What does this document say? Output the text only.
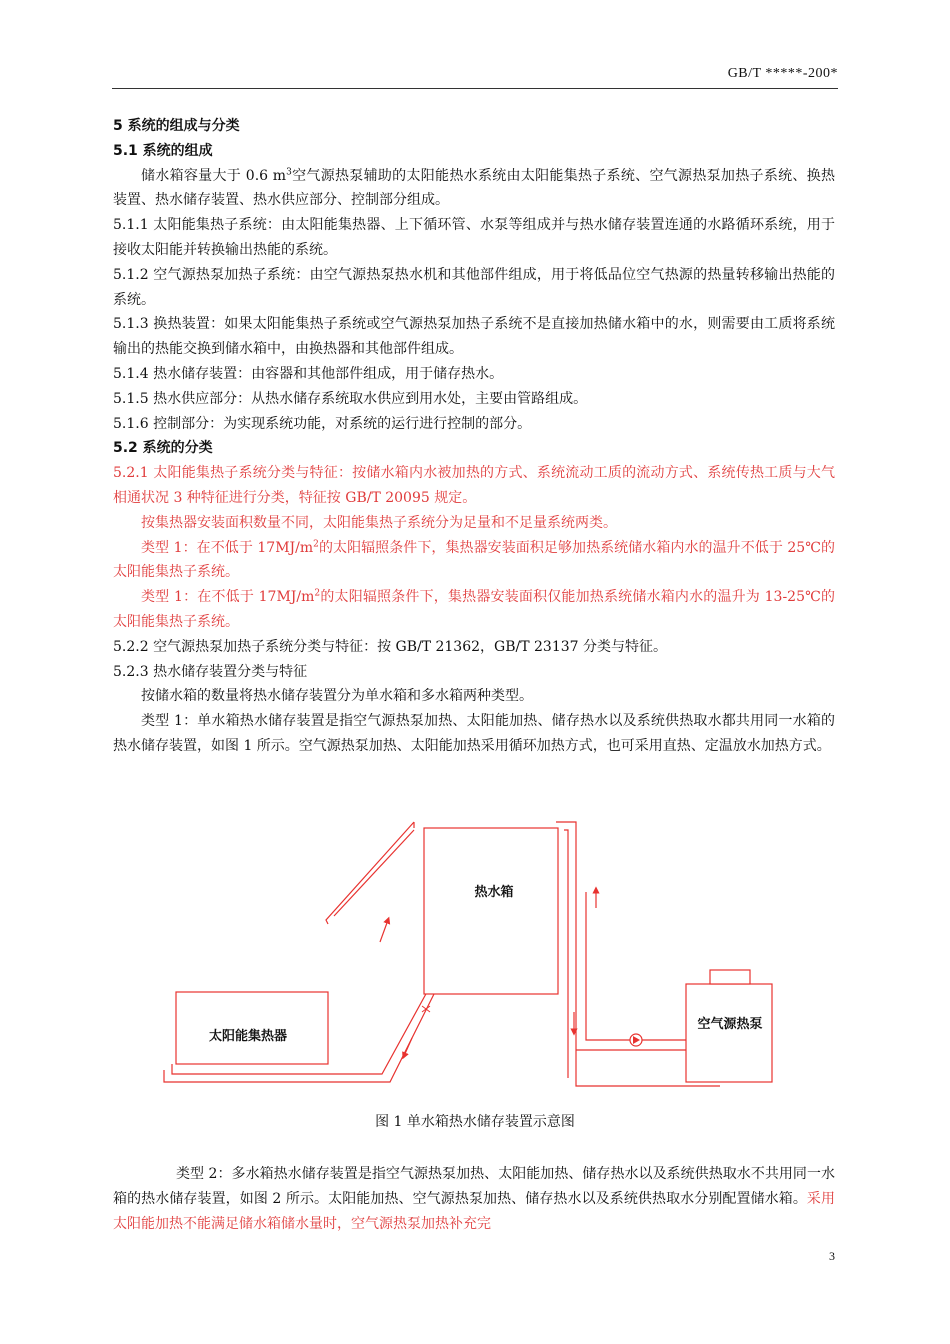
GB/T *****-200*

5 系统的组成与分类

5.1 系统的组成

储水箱容量大于 0.6 $m^3$空气源热泵辅助的太阳能热水系统由太阳能集热子系统、空气源热泵加热子系统、换热装置、热水储存装置、热水供应部分、控制部分组成。

5.1.1 太阳能集热子系统：由太阳能集热器、上下循环管、水泵等组成并与热水储存装置连通的水路循环系统，用于接收太阳能并转换输出热能的系统。

5.1.2 空气源热泵加热子系统：由空气源热泵热水机和其他部件组成，用于将低品位空气热源的热量转移输出热能的系统。

5.1.3 换热装置：如果太阳能集热子系统或空气源热泵加热子系统不是直接加热储水箱中的水，则需要由工质将系统输出的热能交换到储水箱中，由换热器和其他部件组成。

5.1.4 热水储存装置：由容器和其他部件组成，用于储存热水。

5.1.5 热水供应部分：从热水储存系统取水供应到用水处，主要由管路组成。

5.1.6 控制部分：为实现系统功能，对系统的运行进行控制的部分。

5.2 系统的分类

5.2.1 太阳能集热子系统分类与特征：按储水箱内水被加热的方式、系统流动工质的流动方式、系统传热工质与大气相通状况 3 种特征进行分类，特征按 GB/T 20095 规定。

按集热器安装面积数量不同，太阳能集热子系统分为足量和不足量系统两类。

类型 1：在不低于 $17MJ/m^2$的太阳辐照条件下，集热器安装面积足够加热系统储水箱内水的温升不低于 25℃的太阳能集热子系统。

类型 1：在不低于 $17MJ/m^2$的太阳辐照条件下，集热器安装面积仅能加热系统储水箱内水的温升为 13-25℃的太阳能集热子系统。

5.2.2 空气源热泵加热子系统分类与特征：按 GB/T 21362，GB/T 23137 分类与特征。

5.2.3 热水储存装置分类与特征

按储水箱的数量将热水储存装置分为单水箱和多水箱两种类型。

类型 1：单水箱热水储存装置是指空气源热泵加热、太阳能加热、储存热水以及系统供热取水都共用同一水箱的热水储存装置，如图 1 所示。空气源热泵加热、太阳能加热采用循环加热方式，也可采用直热、定温放水加热方式。

热水箱
太阳能集热器
空气源热泵
图 1 单水箱热水储存装置示意图

类型 2：多水箱热水储存装置是指空气源热泵加热、太阳能加热、储存热水以及系统供热取水不共用同一水箱的热水储存装置，如图 2 所示。太阳能加热、空气源热泵加热、储存热水以及系统供热取水分别配置储水箱。采用太阳能加热不能满足储水箱储水量时，空气源热泵加热补充完

3
